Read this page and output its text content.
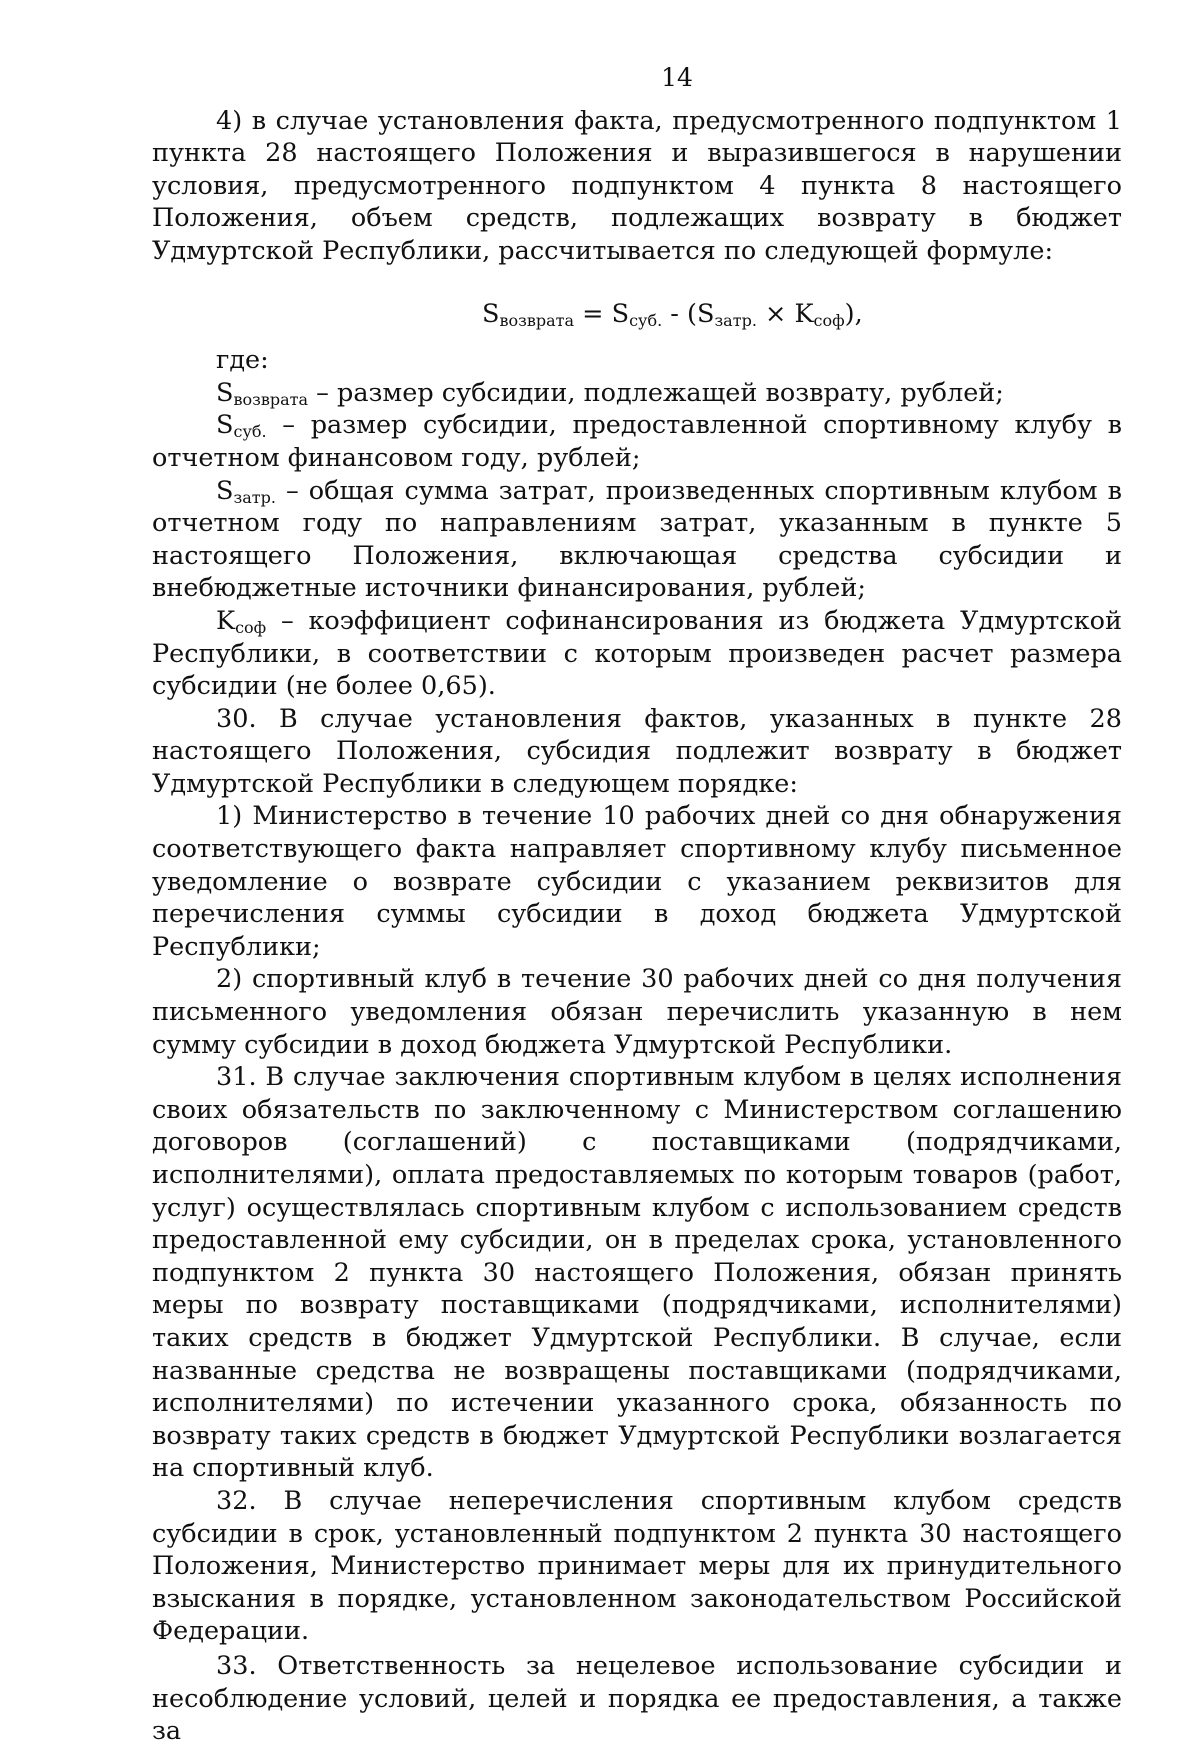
14

4) в случае установления факта, предусмотренного подпунктом 1 пункта 28 настоящего Положения и выразившегося в нарушении условия, предусмотренного подпунктом 4 пункта 8 настоящего Положения, объем средств, подлежащих возврату в бюджет Удмуртской Республики, рассчитывается по следующей формуле:

$S_{возврата} = S_{суб.} - (S_{затр.} \times K_{соф})$,

где:

$S_{возврата}$ – размер субсидии, подлежащей возврату, рублей;

$S_{суб.}$ – размер субсидии, предоставленной спортивному клубу в отчетном финансовом году, рублей;

$S_{затр.}$ – общая сумма затрат, произведенных спортивным клубом в отчетном году по направлениям затрат, указанным в пункте 5 настоящего Положения, включающая средства субсидии и внебюджетные источники финансирования, рублей;

$K_{соф}$ – коэффициент софинансирования из бюджета Удмуртской Республики, в соответствии с которым произведен расчет размера субсидии (не более 0,65).

30. В случае установления фактов, указанных в пункте 28 настоящего Положения, субсидия подлежит возврату в бюджет Удмуртской Республики в следующем порядке:

1) Министерство в течение 10 рабочих дней со дня обнаружения соответствующего факта направляет спортивному клубу письменное уведомление о возврате субсидии с указанием реквизитов для перечисления суммы субсидии в доход бюджета Удмуртской Республики;

2) спортивный клуб в течение 30 рабочих дней со дня получения письменного уведомления обязан перечислить указанную в нем сумму субсидии в доход бюджета Удмуртской Республики.

31. В случае заключения спортивным клубом в целях исполнения своих обязательств по заключенному с Министерством соглашению договоров (соглашений) с поставщиками (подрядчиками, исполнителями), оплата предоставляемых по которым товаров (работ, услуг) осуществлялась спортивным клубом с использованием средств предоставленной ему субсидии, он в пределах срока, установленного подпунктом 2 пункта 30 настоящего Положения, обязан принять меры по возврату поставщиками (подрядчиками, исполнителями) таких средств в бюджет Удмуртской Республики. В случае, если названные средства не возвращены поставщиками (подрядчиками, исполнителями) по истечении указанного срока, обязанность по возврату таких средств в бюджет Удмуртской Республики возлагается на спортивный клуб.

32. В случае неперечисления спортивным клубом средств субсидии в срок, установленный подпунктом 2 пункта 30 настоящего Положения, Министерство принимает меры для их принудительного взыскания в порядке, установленном законодательством Российской Федерации.

33. Ответственность за нецелевое использование субсидии и несоблюдение условий, целей и порядка ее предоставления, а также за
